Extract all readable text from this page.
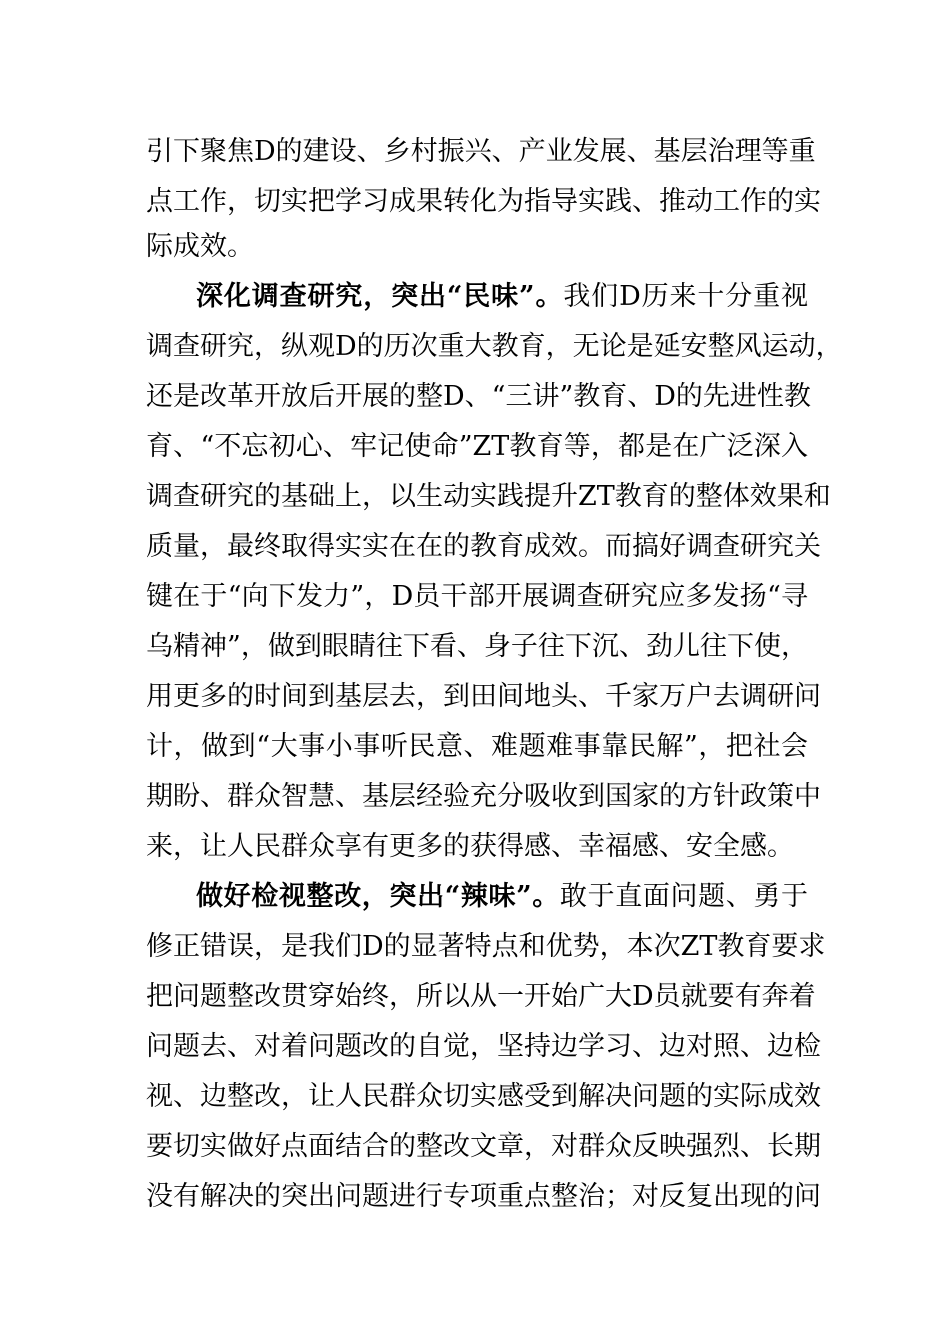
引下聚焦D的建设、乡村振兴、产业发展、基层治理等重
点工作，切实把学习成果转化为指导实践、推动工作的实
际成效。
深化调查研究，突出“民味”。我们D历来十分重视
调查研究，纵观D的历次重大教育，无论是延安整风运动，
还是改革开放后开展的整D、“三讲”教育、D的先进性教
育、“不忘初心、牢记使命”ZT教育等，都是在广泛深入
调查研究的基础上，以生动实践提升ZT教育的整体效果和
质量，最终取得实实在在的教育成效。而搞好调查研究关
键在于“向下发力”，D员干部开展调查研究应多发扬“寻
乌精神”，做到眼睛往下看、身子往下沉、劲儿往下使，
用更多的时间到基层去，到田间地头、千家万户去调研问
计，做到“大事小事听民意、难题难事靠民解”，把社会
期盼、群众智慧、基层经验充分吸收到国家的方针政策中
来，让人民群众享有更多的获得感、幸福感、安全感。
做好检视整改，突出“辣味”。敢于直面问题、勇于
修正错误，是我们D的显著特点和优势，本次ZT教育要求
把问题整改贯穿始终，所以从一开始广大D员就要有奔着
问题去、对着问题改的自觉，坚持边学习、边对照、边检
视、边整改，让人民群众切实感受到解决问题的实际成效
要切实做好点面结合的整改文章，对群众反映强烈、长期
没有解决的突出问题进行专项重点整治；对反复出现的问
